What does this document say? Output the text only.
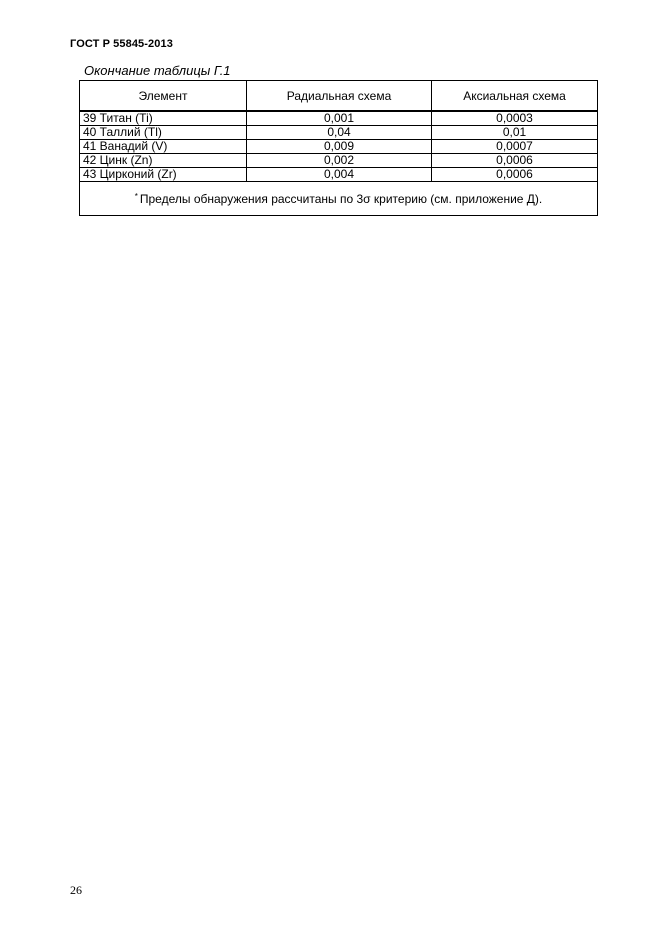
ГОСТ Р 55845-2013
Окончание таблицы Г.1
Элемент	Радиальная схема	Аксиальная схема
39 Титан (Ti)	0,001	0,0003
40 Таллий (Tl)	0,04	0,01
41 Ванадий (V)	0,009	0,0007
42 Цинк (Zn)	0,002	0,0006
43 Цирконий (Zr)	0,004	0,0006
* Пределы обнаружения рассчитаны по 3σ критерию (см. приложение Д).		
26
